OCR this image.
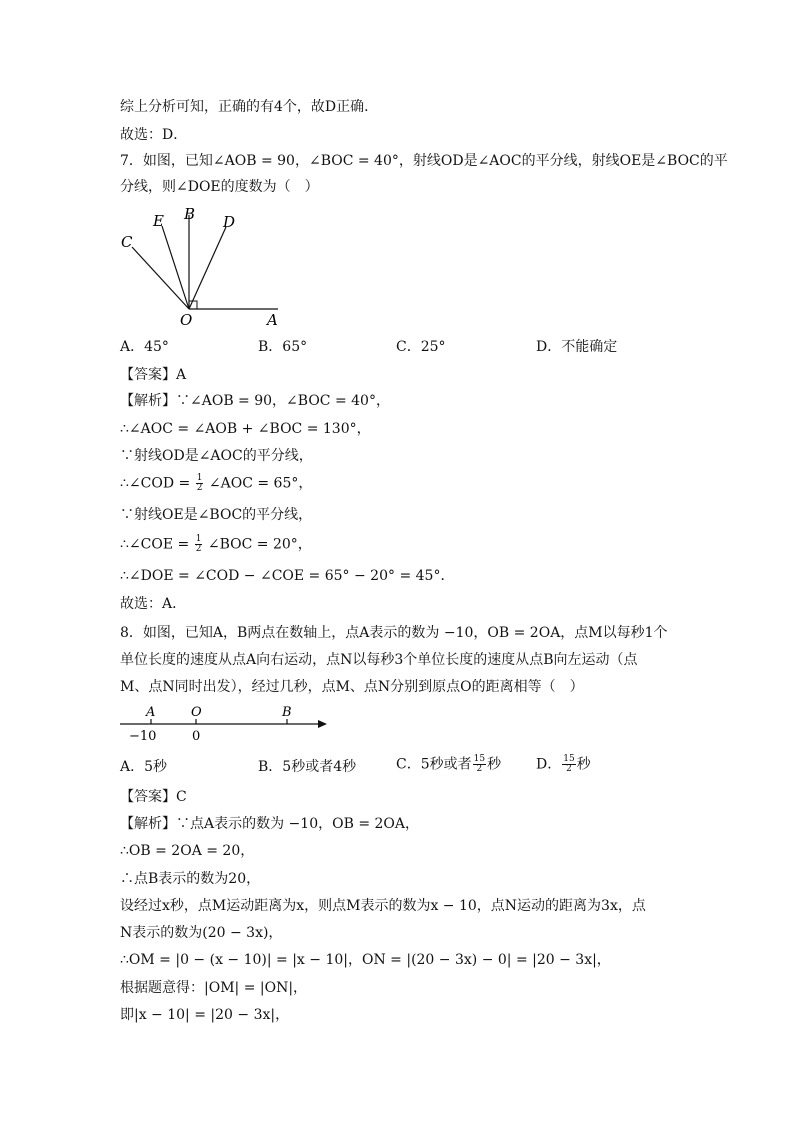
综上分析可知，正确的有4个，故D正确．
故选：D．
7．如图，已知∠AOB = 90，∠BOC = 40°，射线OD是∠AOC的平分线，射线OE是∠BOC的平
分线，则∠DOE的度数为（　）
C
E B D
O	A
A．45°	B．65°	C．25°	D．不能确定
【答案】A
【解析】∵∠AOB = 90，∠BOC = 40°，
∴∠AOC = ∠AOB + ∠BOC = 130°，
∵射线OD是∠AOC的平分线，
∴∠COD = $\frac{1}{2}$ ∠AOC = 65°，
∵射线OE是∠BOC的平分线，
∴∠COE = $\frac{1}{2}$ ∠BOC = 20°，
∴∠DOE = ∠COD − ∠COE = 65° − 20° = 45°．
故选：A．
8．如图，已知A，B两点在数轴上，点A表示的数为 −10，OB = 2OA，点M以每秒1个
单位长度的速度从点A向右运动，点N以每秒3个单位长度的速度从点B向左运动（点
M、点N同时出发），经过几秒，点M、点N分别到原点O的距离相等（　）
A	O	B
−10	0
A．5秒	B．5秒或者4秒	C．5秒或者 $\frac{15}{2}$ 秒 D． $\frac{15}{2}$ 秒
【答案】C
【解析】∵点A表示的数为 −10，OB = 2OA，
∴OB = 2OA = 20，
∴点B表示的数为20，
设经过x秒，点M运动距离为x，则点M表示的数为x − 10，点N运动的距离为3x，点
N表示的数为(20 − 3x)，
∴OM = |0 − (x − 10)| = |x − 10|，ON = |(20 − 3x) − 0| = |20 − 3x|，
根据题意得：|OM| = |ON|，
即|x − 10| = |20 − 3x|，
